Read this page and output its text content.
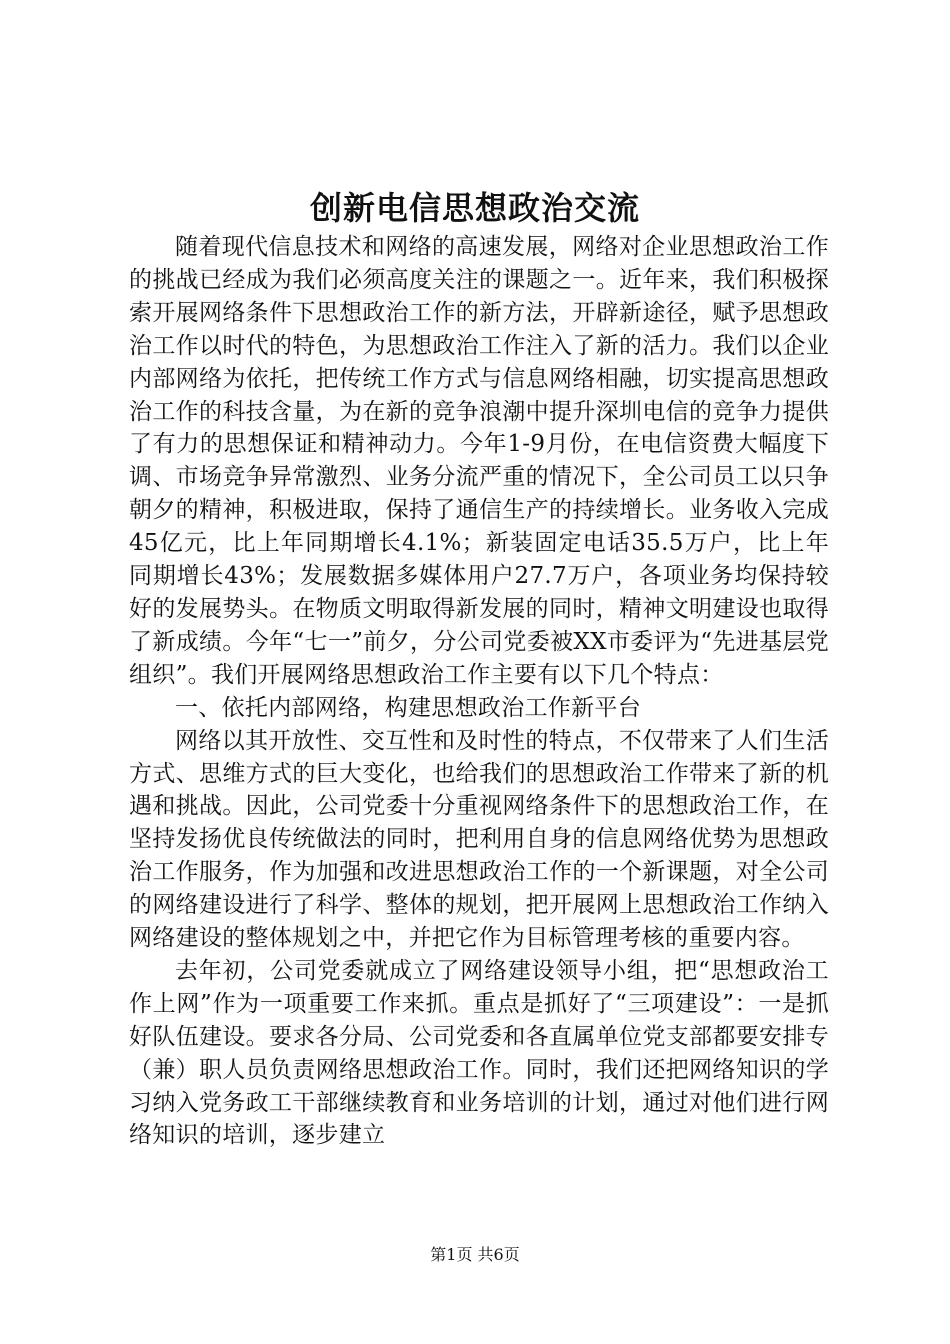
创新电信思想政治交流

随着现代信息技术和网络的高速发展，网络对企业思想政治工作的挑战已经成为我们必须高度关注的课题之一。近年来，我们积极探索开展网络条件下思想政治工作的新方法，开辟新途径，赋予思想政治工作以时代的特色，为思想政治工作注入了新的活力。我们以企业内部网络为依托，把传统工作方式与信息网络相融，切实提高思想政治工作的科技含量，为在新的竞争浪潮中提升深圳电信的竞争力提供了有力的思想保证和精神动力。今年1-9月份，在电信资费大幅度下调、市场竞争异常激烈、业务分流严重的情况下，全公司员工以只争朝夕的精神，积极进取，保持了通信生产的持续增长。业务收入完成45亿元，比上年同期增长4.1%；新装固定电话35.5万户，比上年同期增长43%；发展数据多媒体用户27.7万户，各项业务均保持较好的发展势头。在物质文明取得新发展的同时，精神文明建设也取得了新成绩。今年“七一”前夕，分公司党委被XX市委评为“先进基层党组织”。我们开展网络思想政治工作主要有以下几个特点：

一、依托内部网络，构建思想政治工作新平台

网络以其开放性、交互性和及时性的特点，不仅带来了人们生活方式、思维方式的巨大变化，也给我们的思想政治工作带来了新的机遇和挑战。因此，公司党委十分重视网络条件下的思想政治工作，在坚持发扬优良传统做法的同时，把利用自身的信息网络优势为思想政治工作服务，作为加强和改进思想政治工作的一个新课题，对全公司的网络建设进行了科学、整体的规划，把开展网上思想政治工作纳入网络建设的整体规划之中，并把它作为目标管理考核的重要内容。

去年初，公司党委就成立了网络建设领导小组，把“思想政治工作上网”作为一项重要工作来抓。重点是抓好了“三项建设”：一是抓好队伍建设。要求各分局、公司党委和各直属单位党支部都要安排专（兼）职人员负责网络思想政治工作。同时，我们还把网络知识的学习纳入党务政工干部继续教育和业务培训的计划，通过对他们进行网络知识的培训，逐步建立

第1页 共6页
